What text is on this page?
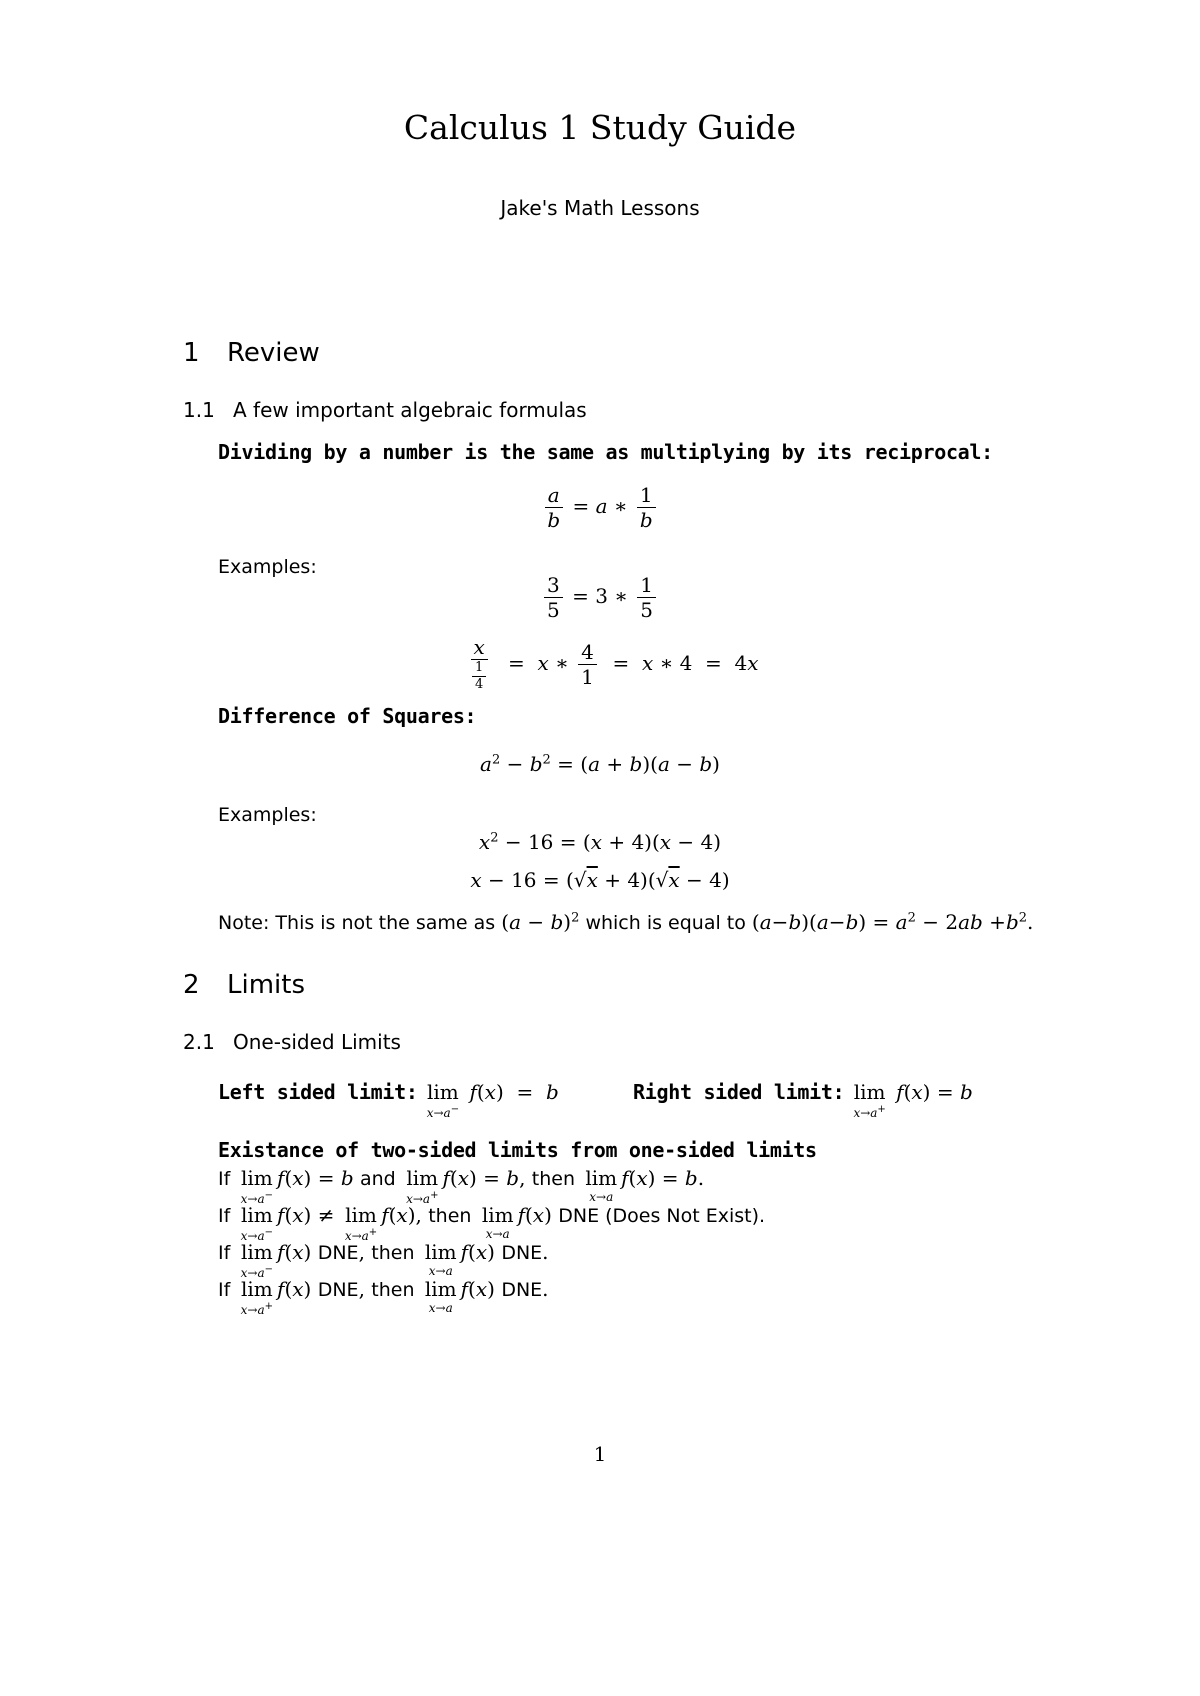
Calculus 1 Study Guide
Jake's Math Lessons
1 Review
1.1 A few important algebraic formulas
Dividing by a number is the same as multiplying by its reciprocal:
$\frac{a}{b} = a$ ∗ $\frac{1}{b}$
Examples:
$\frac{3}{5} = 3$ ∗ $\frac{1}{5}$
$\frac{x}{\frac{1}{4}} = x$ ∗ $\frac{4}{1} = x$ ∗ 4  =  4x
Difference of Squares:
$a^2 - b^2 = (a + b)(a - b)$
Examples:
$x^2 - 16 = (x + 4)(x - 4)$
x − 16 = (√x + 4)(√x − 4)
Note: This is not the same as $(a - b)^2$ which is equal to $(a-b)(a-b) = a^2 - 2ab +b^2$.
2 Limits
2.1 One-sided Limits
Left sided limit: lim
x→a−
f(x)  =  b	Right sided limit: lim
x→a+
f(x) = b
Existance of two-sided limits from one-sided limits
If lim
x→a−
f(x) = b and lim
x→a+
f(x) = b, then lim
x→a
f(x) = b.
If lim
x→a−
f(x) ≠ lim
x→a+
f(x), then lim
x→a
f(x) DNE (Does Not Exist).
If lim
x→a−
f(x) DNE, then lim
x→a
f(x) DNE.
If lim
x→a+
f(x) DNE, then lim
x→a
f(x) DNE.
1
